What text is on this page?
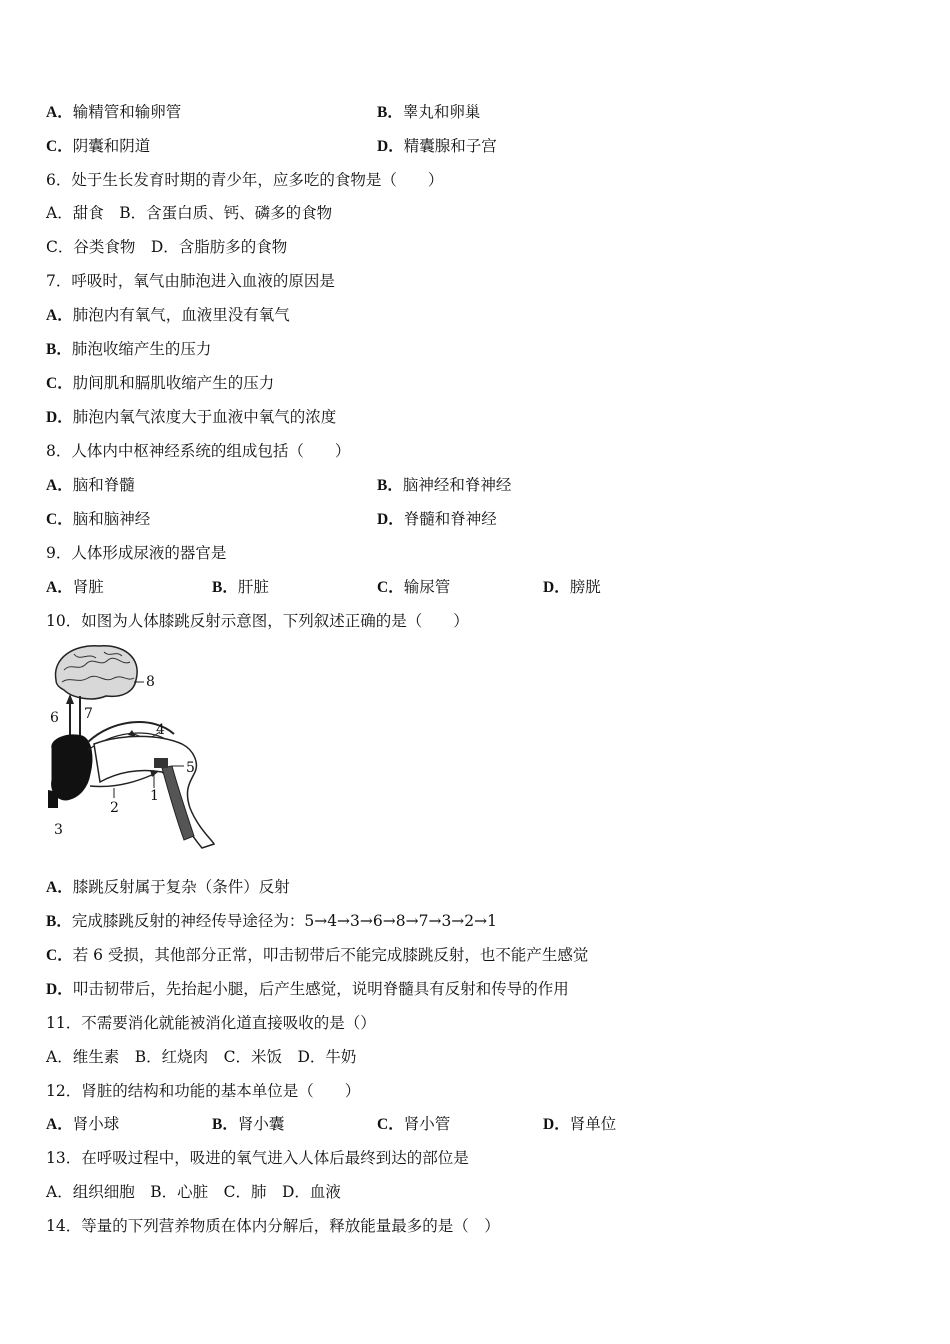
A．输精管和输卵管	B．睾丸和卵巢
C．阴囊和阴道	D．精囊腺和子宫
6．处于生长发育时期的青少年，应多吃的食物是（　　）
A．甜食　B．含蛋白质、钙、磷多的食物
C．谷类食物　D．含脂肪多的食物
7．呼吸时，氧气由肺泡进入血液的原因是
A．肺泡内有氧气，血液里没有氧气
B．肺泡收缩产生的压力
C．肋间肌和膈肌收缩产生的压力
D．肺泡内氧气浓度大于血液中氧气的浓度
8．人体内中枢神经系统的组成包括（　　）
A．脑和脊髓	B．脑神经和脊神经
C．脑和脑神经	D．脊髓和脊神经
9．人体形成尿液的器官是
A．肾脏	B．肝脏	C．输尿管	D．膀胱
10．如图为人体膝跳反射示意图，下列叙述正确的是（　　）
8
6 7
4
5
1
2
3
A．膝跳反射属于复杂（条件）反射
B．完成膝跳反射的神经传导途径为：5→4→3→6→8→7→3→2→1
C．若 6 受损，其他部分正常，叩击韧带后不能完成膝跳反射，也不能产生感觉
D．叩击韧带后，先抬起小腿，后产生感觉，说明脊髓具有反射和传导的作用
11．不需要消化就能被消化道直接吸收的是（）
A．维生素　B．红烧肉　C．米饭　D．牛奶
12．肾脏的结构和功能的基本单位是（　　）
A．肾小球	B．肾小囊	C．肾小管	D．肾单位
13．在呼吸过程中，吸进的氧气进入人体后最终到达的部位是
A．组织细胞　B．心脏　C．肺　D．血液
14．等量的下列营养物质在体内分解后，释放能量最多的是（　）
